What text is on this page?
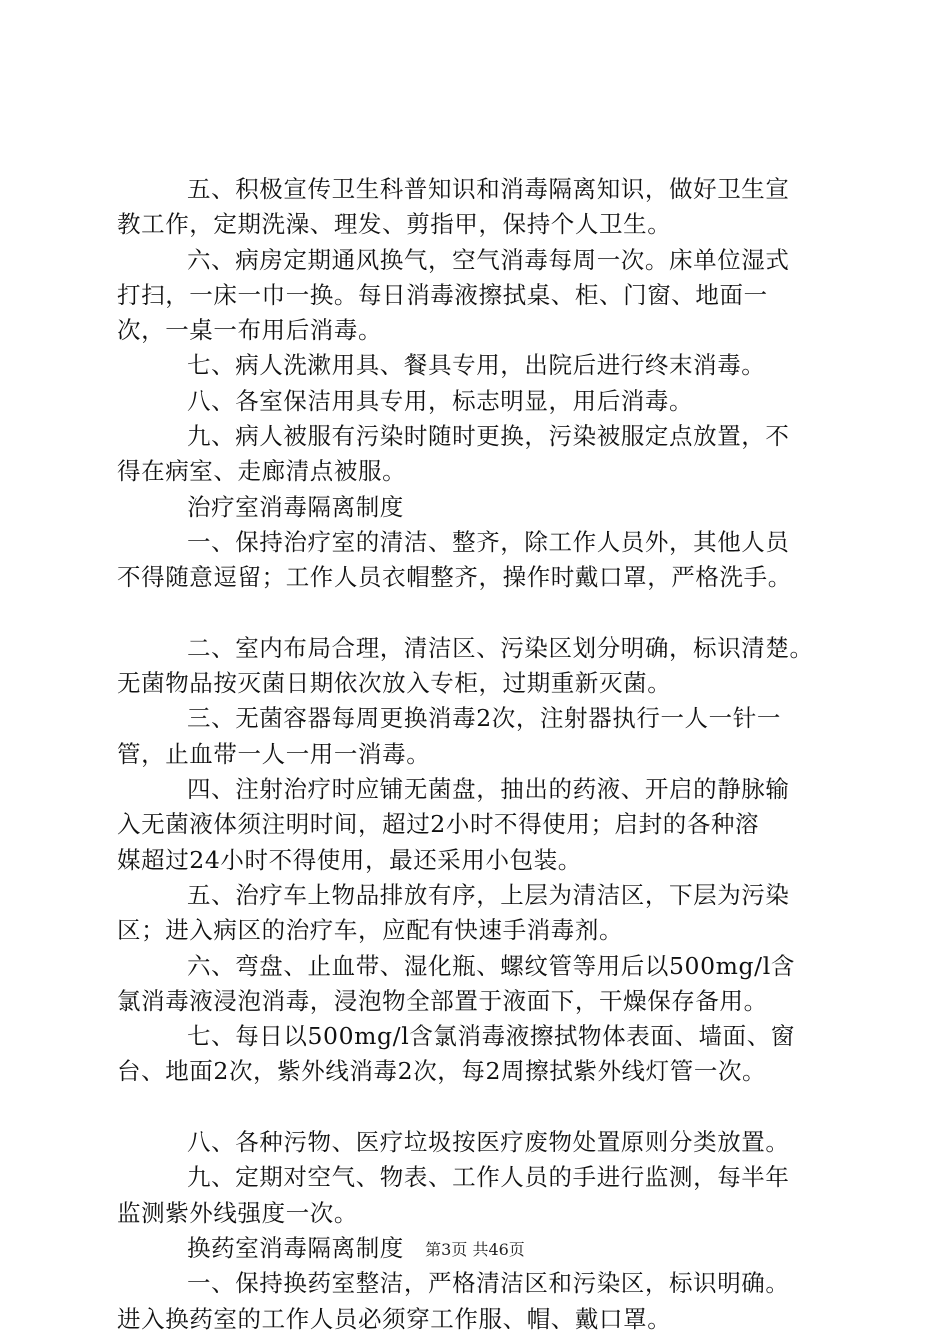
五、积极宣传卫生科普知识和消毒隔离知识，做好卫生宣
教工作，定期洗澡、理发、剪指甲，保持个人卫生。
六、病房定期通风换气，空气消毒每周一次。床单位湿式
打扫，一床一巾一换。每日消毒液擦拭桌、柜、门窗、地面一
次，一桌一布用后消毒。
七、病人洗漱用具、餐具专用，出院后进行终末消毒。
八、各室保洁用具专用，标志明显，用后消毒。
九、病人被服有污染时随时更换，污染被服定点放置，不
得在病室、走廊清点被服。
治疗室消毒隔离制度
一、保持治疗室的清洁、整齐，除工作人员外，其他人员
不得随意逗留；工作人员衣帽整齐，操作时戴口罩，严格洗手。
二、室内布局合理，清洁区、污染区划分明确，标识清楚。
无菌物品按灭菌日期依次放入专柜，过期重新灭菌。
三、无菌容器每周更换消毒2次，注射器执行一人一针一
管，止血带一人一用一消毒。
四、注射治疗时应铺无菌盘，抽出的药液、开启的静脉输
入无菌液体须注明时间，超过2小时不得使用；启封的各种溶
媒超过24小时不得使用，最还采用小包装。
五、治疗车上物品排放有序，上层为清洁区，下层为污染
区；进入病区的治疗车，应配有快速手消毒剂。
六、弯盘、止血带、湿化瓶、螺纹管等用后以500mg/l含
氯消毒液浸泡消毒，浸泡物全部置于液面下，干燥保存备用。
七、每日以500mg/l含氯消毒液擦拭物体表面、墙面、窗
台、地面2次，紫外线消毒2次，每2周擦拭紫外线灯管一次。
八、各种污物、医疗垃圾按医疗废物处置原则分类放置。
九、定期对空气、物表、工作人员的手进行监测，每半年
监测紫外线强度一次。
换药室消毒隔离制度
一、保持换药室整洁，严格清洁区和污染区，标识明确。
进入换药室的工作人员必须穿工作服、帽、戴口罩。
第3页 共46页
